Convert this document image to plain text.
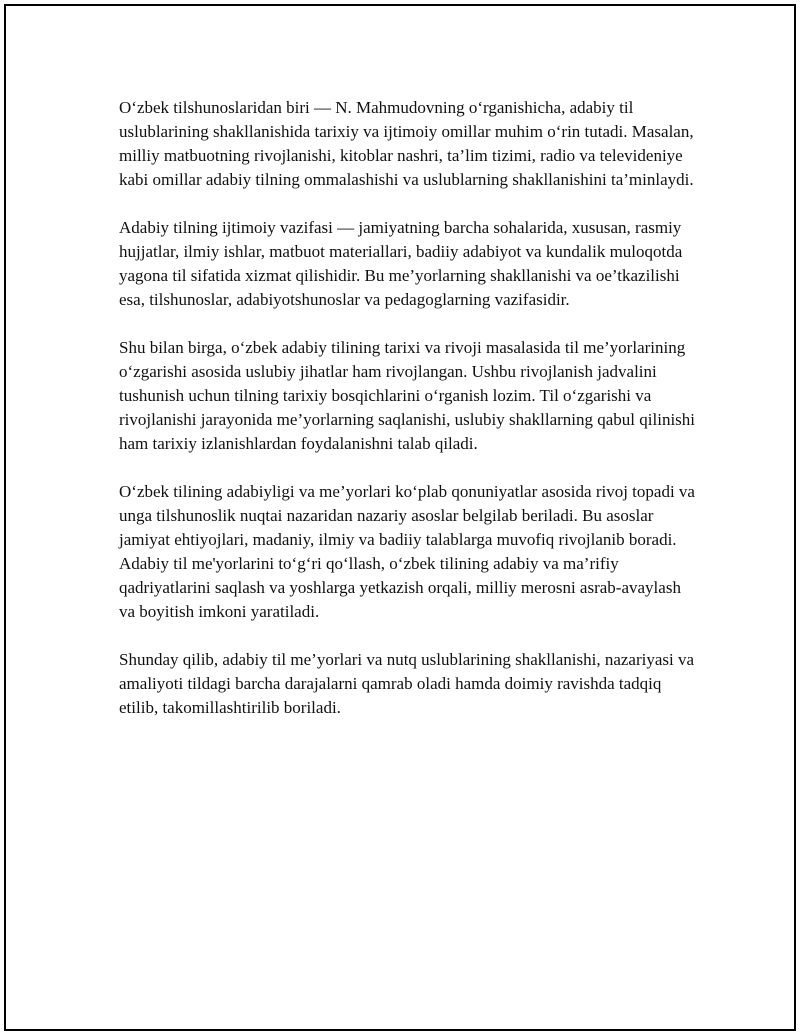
O‘zbek tilshunoslaridan biri — N. Mahmudovning o‘rganishicha, adabiy til uslublarining shakllanishida tarixiy va ijtimoiy omillar muhim o‘rin tutadi. Masalan, milliy matbuotning rivojlanishi, kitoblar nashri, ta’lim tizimi, radio va televideniye kabi omillar adabiy tilning ommalashishi va uslublarning shakllanishini ta’minlaydi.

Adabiy tilning ijtimoiy vazifasi — jamiyatning barcha sohalarida, xususan, rasmiy hujjatlar, ilmiy ishlar, matbuot materiallari, badiiy adabiyot va kundalik muloqotda yagona til sifatida xizmat qilishidir. Bu me’yorlarning shakllanishi va oe’tkazilishi esa, tilshunoslar, adabiyotshunoslar va pedagoglarning vazifasidir.

Shu bilan birga, o‘zbek adabiy tilining tarixi va rivoji masalasida til me’yorlarining o‘zgarishi asosida uslubiy jihatlar ham rivojlangan. Ushbu rivojlanish jadvalini tushunish uchun tilning tarixiy bosqichlarini o‘rganish lozim. Til o‘zgarishi va rivojlanishi jarayonida me’yorlarning saqlanishi, uslubiy shakllarning qabul qilinishi ham tarixiy izlanishlardan foydalanishni talab qiladi.

O‘zbek tilining adabiyligi va me’yorlari ko‘plab qonuniyatlar asosida rivoj topadi va unga tilshunoslik nuqtai nazaridan nazariy asoslar belgilab beriladi. Bu asoslar jamiyat ehtiyojlari, madaniy, ilmiy va badiiy talablarga muvofiq rivojlanib boradi. Adabiy til me'yorlarini to‘g‘ri qo‘llash, o‘zbek tilining adabiy va ma’rifiy qadriyatlarini saqlash va yoshlarga yetkazish orqali, milliy merosni asrab-avaylash va boyitish imkoni yaratiladi.

Shunday qilib, adabiy til me’yorlari va nutq uslublarining shakllanishi, nazariyasi va amaliyoti tildagi barcha darajalarni qamrab oladi hamda doimiy ravishda tadqiq etilib, takomillashtirilib boriladi.
